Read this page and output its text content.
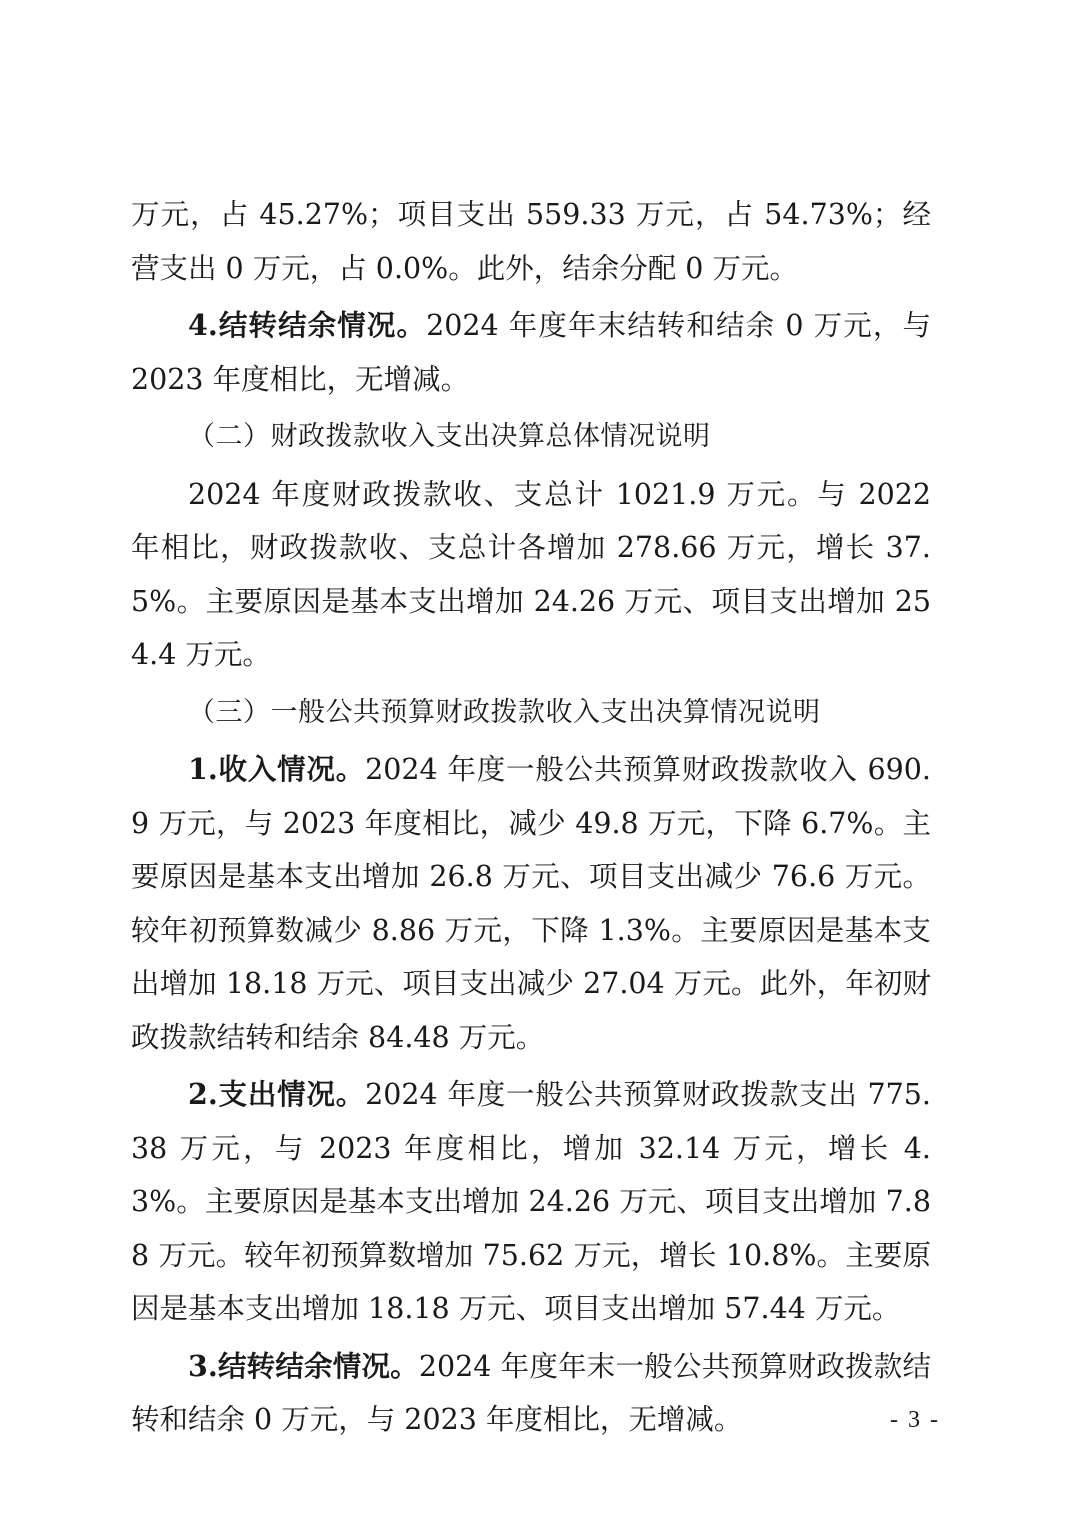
万元，占 45.27%；项目支出 559.33 万元，占 54.73%；经营支出 0 万元，占 0.0%。此外，结余分配 0 万元。

4.结转结余情况。2024 年度年末结转和结余 0 万元，与 2023 年度相比，无增减。

（二）财政拨款收入支出决算总体情况说明

2024 年度财政拨款收、支总计 1021.9 万元。与 2022 年相比，财政拨款收、支总计各增加 278.66 万元，增长 37.5%。主要原因是基本支出增加 24.26 万元、项目支出增加 254.4 万元。

（三）一般公共预算财政拨款收入支出决算情况说明

1.收入情况。2024 年度一般公共预算财政拨款收入 690.9 万元，与 2023 年度相比，减少 49.8 万元，下降 6.7%。主要原因是基本支出增加 26.8 万元、项目支出减少 76.6 万元。较年初预算数减少 8.86 万元，下降 1.3%。主要原因是基本支出增加 18.18 万元、项目支出减少 27.04 万元。此外，年初财政拨款结转和结余 84.48 万元。

2.支出情况。2024 年度一般公共预算财政拨款支出 775.38 万元，与 2023 年度相比，增加 32.14 万元，增长 4.3%。主要原因是基本支出增加 24.26 万元、项目支出增加 7.88 万元。较年初预算数增加 75.62 万元，增长 10.8%。主要原因是基本支出增加 18.18 万元、项目支出增加 57.44 万元。

3.结转结余情况。2024 年度年末一般公共预算财政拨款结转和结余 0 万元，与 2023 年度相比，无增减。	- 3 -
